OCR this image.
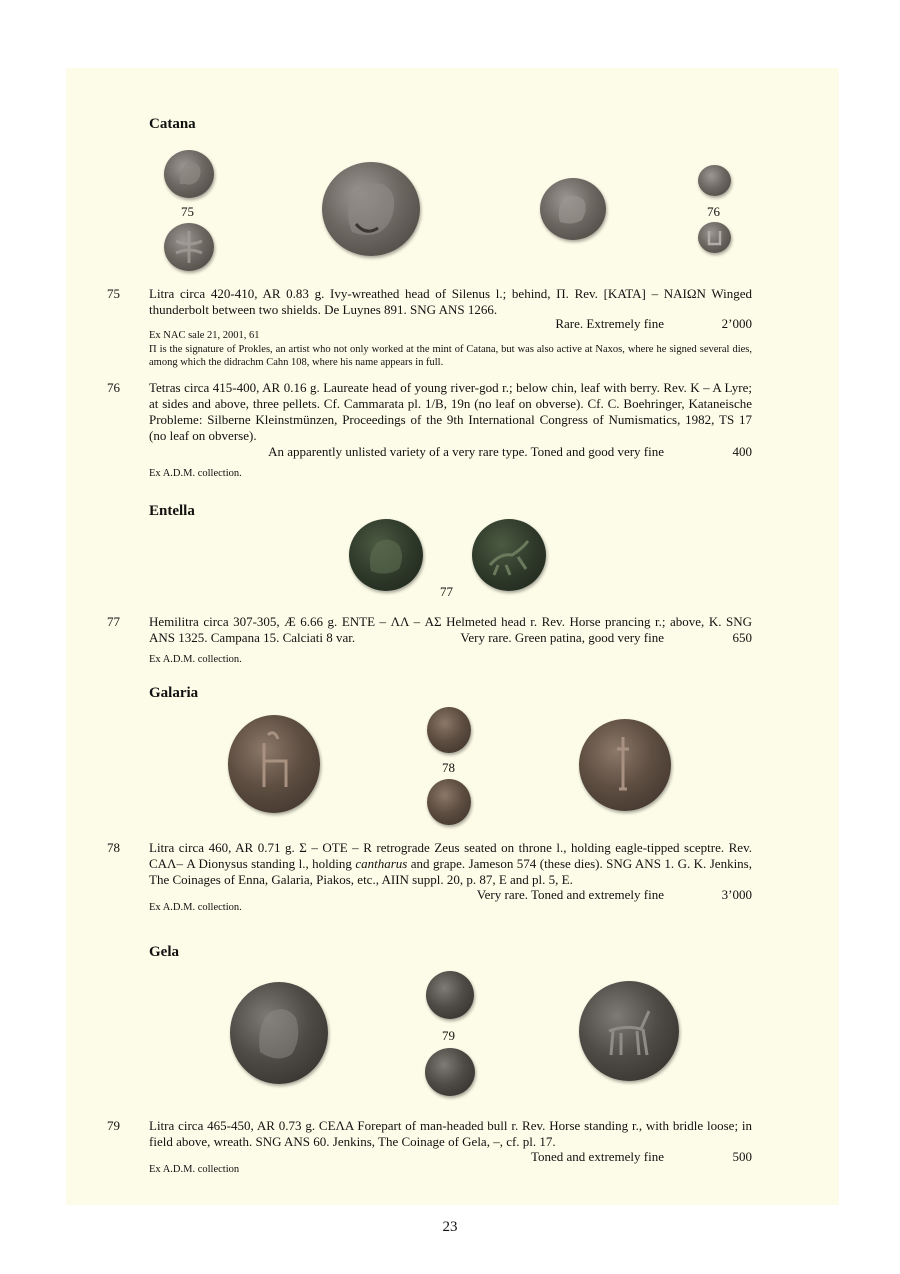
Catana
75	76
75 Litra circa 420-410, AR 0.83 g. Ivy-wreathed head of Silenus l.; behind, Π. Rev. [KATA] – NAIΩN Winged thunderbolt between two shields. De Luynes 891. SNG ANS 1266.
Rare. Extremely fine	2’000
Ex NAC sale 21, 2001, 61
Π is the signature of Prokles, an artist who not only worked at the mint of Catana, but was also active at Naxos, where he signed several dies, among which the didrachm Cahn 108, where his name appears in full.
76 Tetras circa 415-400, AR 0.16 g. Laureate head of young river-god r.; below chin, leaf with berry. Rev. K – A Lyre; at sides and above, three pellets. Cf. Cammarata pl. 1/B, 19n (no leaf on obverse). Cf. C. Boehringer, Kataneische Probleme: Silberne Kleinstmünzen, Proceedings of the 9th International Congress of Numismatics, 1982, TS 17 (no leaf on obverse).
An apparently unlisted variety of a very rare type. Toned and good very fine	400
Ex A.D.M. collection.
Entella
77
77 Hemilitra circa 307-305, Æ 6.66 g. ENTE – ΛΛ – AΣ Helmeted head r. Rev. Horse prancing r.; above, K. SNG ANS 1325. Campana 15. Calciati 8 var.	Very rare. Green patina, good very fine	650
Ex A.D.M. collection.
Galaria
78
78 Litra circa 460, AR 0.71 g. Σ – OTE – R retrograde Zeus seated on throne l., holding eagle-tipped sceptre. Rev. CAΛ– A Dionysus standing l., holding cantharus and grape. Jameson 574 (these dies). SNG ANS 1. G. K. Jenkins, The Coinages of Enna, Galaria, Piakos, etc., AIIN suppl. 20, p. 87, E and pl. 5, E.
Very rare. Toned and extremely fine	3’000
Ex A.D.M. collection.
Gela
79
79 Litra circa 465-450, AR 0.73 g. CEΛA Forepart of man-headed bull r. Rev. Horse standing r., with bridle loose; in field above, wreath. SNG ANS 60. Jenkins, The Coinage of Gela, –, cf. pl. 17.
Toned and extremely fine	500
Ex A.D.M. collection
23
